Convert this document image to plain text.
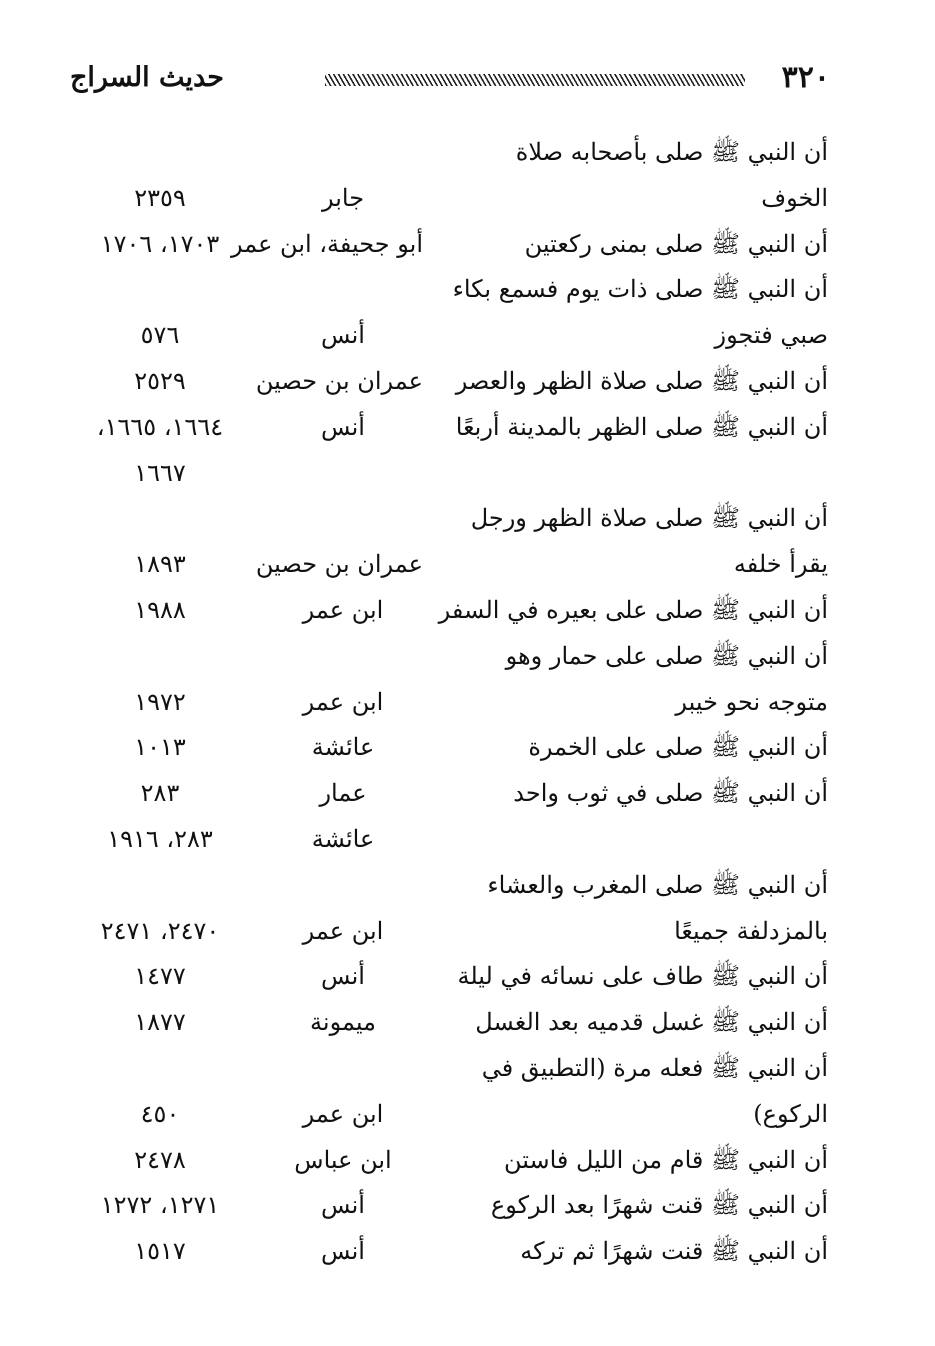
٣٢٠
حديث السراج
أن النبي ﷺ صلى بأصحابه صلاة
الخوف
جابر
٢٣٥٩
أن النبي ﷺ صلى بمنى ركعتين
أبو جحيفة، ابن عمر
١٧٠٣، ١٧٠٦
أن النبي ﷺ صلى ذات يوم فسمع بكاء
صبي فتجوز
أنس
٥٧٦
أن النبي ﷺ صلى صلاة الظهر والعصر
عمران بن حصين
٢٥٢٩
أن النبي ﷺ صلى الظهر بالمدينة أربعًا
أنس
١٦٦٤، ١٦٦٥،
١٦٦٧
أن النبي ﷺ صلى صلاة الظهر ورجل
يقرأ خلفه
عمران بن حصين
١٨٩٣
أن النبي ﷺ صلى على بعيره في السفر
ابن عمر
١٩٨٨
أن النبي ﷺ صلى على حمار وهو
متوجه نحو خيبر
ابن عمر
١٩٧٢
أن النبي ﷺ صلى على الخمرة
عائشة
١٠١٣
أن النبي ﷺ صلى في ثوب واحد
عمار
٢٨٣
عائشة
٢٨٣، ١٩١٦
أن النبي ﷺ صلى المغرب والعشاء
بالمزدلفة جميعًا
ابن عمر
٢٤٧٠، ٢٤٧١
أن النبي ﷺ طاف على نسائه في ليلة
أنس
١٤٧٧
أن النبي ﷺ غسل قدميه بعد الغسل
ميمونة
١٨٧٧
أن النبي ﷺ فعله مرة (التطبيق في
الركوع)
ابن عمر
٤٥٠
أن النبي ﷺ قام من الليل فاستن
ابن عباس
٢٤٧٨
أن النبي ﷺ قنت شهرًا بعد الركوع
أنس
١٢٧١، ١٢٧٢
أن النبي ﷺ قنت شهرًا ثم تركه
أنس
١٥١٧
